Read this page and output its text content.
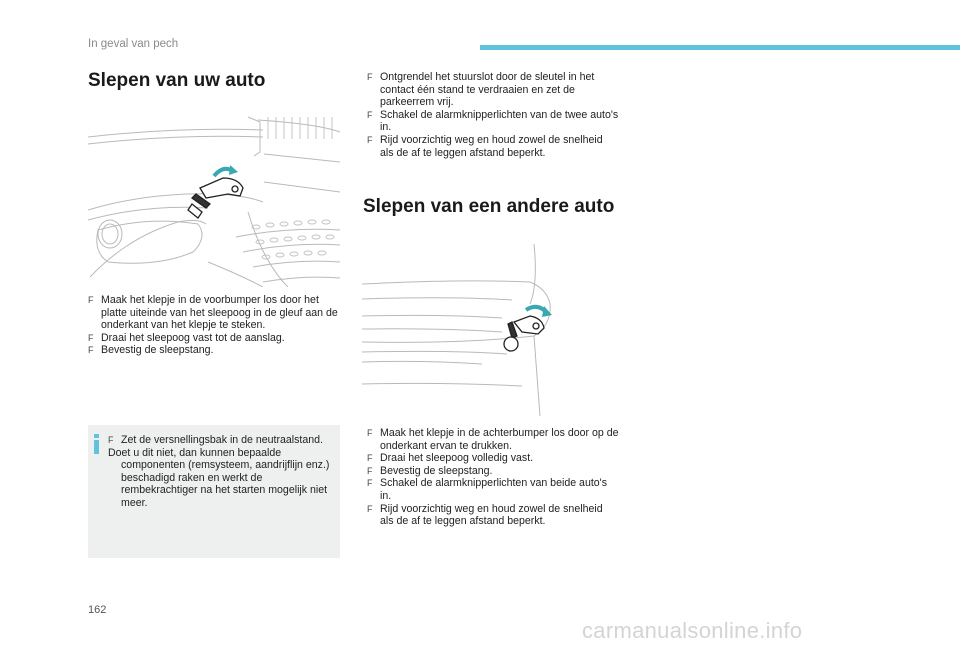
In geval van pech
Slepen van uw auto
F Maak het klepje in de voorbumper los door het platte uiteinde van het sleepoog in de gleuf aan de onderkant van het klepje te steken.
F Draai het sleepoog vast tot de aanslag.
F Bevestig de sleepstang.
F Zet de versnellingsbak in de neutraalstand.
Doet u dit niet, dan kunnen bepaalde
componenten (remsysteem, aandrijflijn enz.) beschadigd raken en werkt de rembekrachtiger na het starten mogelijk niet meer.
F Ontgrendel het stuurslot door de sleutel in het contact één stand te verdraaien en zet de parkeerrem vrij.
F Schakel de alarmknipperlichten van de twee auto's in.
F Rijd voorzichtig weg en houd zowel de snelheid als de af te leggen afstand beperkt.
Slepen van een andere auto
F Maak het klepje in de achterbumper los door op de onderkant ervan te drukken.
F Draai het sleepoog volledig vast.
F Bevestig de sleepstang.
F Schakel de alarmknipperlichten van beide auto's in.
F Rijd voorzichtig weg en houd zowel de snelheid als de af te leggen afstand beperkt.
162
carmanualsonline.info
